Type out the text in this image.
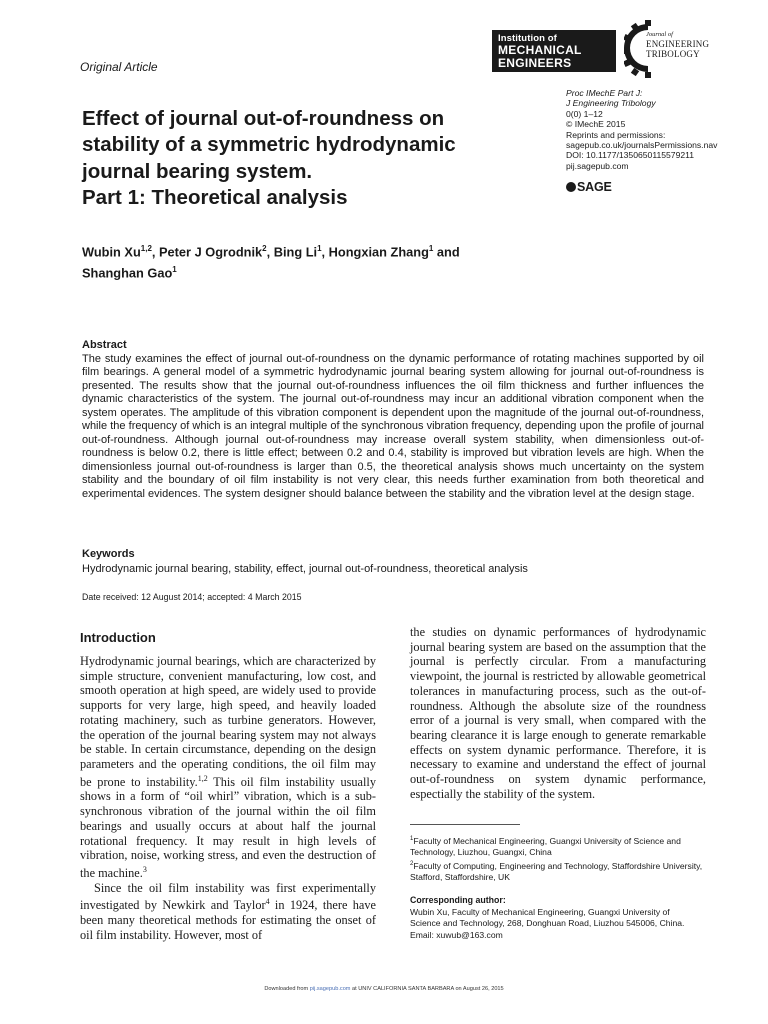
Original Article
Institution of
MECHANICAL
ENGINEERS
Journal of
ENGINEERING
TRIBOLOGY
Proc IMechE Part J:
J Engineering Tribology
0(0) 1–12
© IMechE 2015
Reprints and permissions:
sagepub.co.uk/journalsPermissions.nav
DOI: 10.1177/1350650115579211
pij.sagepub.com
SAGE
Effect of journal out-of-roundness on
stability of a symmetric hydrodynamic
journal bearing system.
Part 1: Theoretical analysis
Wubin Xu$^{1,2}$, Peter J Ogrodnik$^2$, Bing Li$^1$, Hongxian Zhang$^1$ and
Shanghan Gao$^1$
Abstract
The study examines the effect of journal out-of-roundness on the dynamic performance of rotating machines supported by oil film bearings. A general model of a symmetric hydrodynamic journal bearing system allowing for journal out-of-roundness is presented. The results show that the journal out-of-roundness influences the oil film thickness and further influences the dynamic characteristics of the system. The journal out-of-roundness may incur an additional vibration component when the system operates. The amplitude of this vibration component is dependent upon the magnitude of the journal out-of-roundness, while the frequency of which is an integral multiple of the synchronous vibration frequency, depending upon the profile of journal out-of-roundness. Although journal out-of-roundness may increase overall system stability, when dimensionless out-of-roundness is below 0.2, there is little effect; between 0.2 and 0.4, stability is improved but vibration levels are high. When the dimensionless journal out-of-roundness is larger than 0.5, the theoretical analysis shows much uncertainty on the system stability and the boundary of oil film instability is not very clear, this needs further examination from both theoretical and experimental evidences. The system designer should balance between the stability and the vibration level at the design stage.
Keywords
Hydrodynamic journal bearing, stability, effect, journal out-of-roundness, theoretical analysis
Date received: 12 August 2014; accepted: 4 March 2015
Introduction

Hydrodynamic journal bearings, which are characterized by simple structure, convenient manufacturing, low cost, and smooth operation at high speed, are widely used to provide supports for very large, high speed, and heavily loaded rotating machinery, such as turbine generators. However, the operation of the journal bearing system may not always be stable. In certain circumstance, depending on the design parameters and the operating conditions, the oil film may be prone to instability.$^{1,2}$ This oil film instability usually shows in a form of “oil whirl” vibration, which is a sub-synchronous vibration of the journal within the oil film bearings and usually occurs at about half the journal rotational frequency. It may result in high levels of vibration, noise, working stress, and even the destruction of the machine.$^3$

Since the oil film instability was first experimentally investigated by Newkirk and Taylor$^4$ in 1924, there have been many theoretical methods for estimating the onset of oil film instability. However, most of

the studies on dynamic performances of hydrodynamic journal bearing system are based on the assumption that the journal is perfectly circular. From a manufacturing viewpoint, the journal is restricted by allowable geometrical tolerances in manufacturing process, such as the out-of-roundness. Although the absolute size of the roundness error of a journal is very small, when compared with the bearing clearance it is large enough to generate remarkable effects on system dynamic performance. Therefore, it is necessary to examine and understand the effect of journal out-of-roundness on system dynamic performance, espectially the stability of the system.

$^1$Faculty of Mechanical Engineering, Guangxi University of Science and Technology, Liuzhou, Guangxi, China
$^2$Faculty of Computing, Engineering and Technology, Staffordshire University, Stafford, Staffordshire, UK
Corresponding author:
Wubin Xu, Faculty of Mechanical Engineering, Guangxi University of
Science and Technology, 268, Donghuan Road, Liuzhou 545006, China.
Email: xuwub@163.com
Downloaded from pij.sagepub.com at UNIV CALIFORNIA SANTA BARBARA on August 26, 2015
